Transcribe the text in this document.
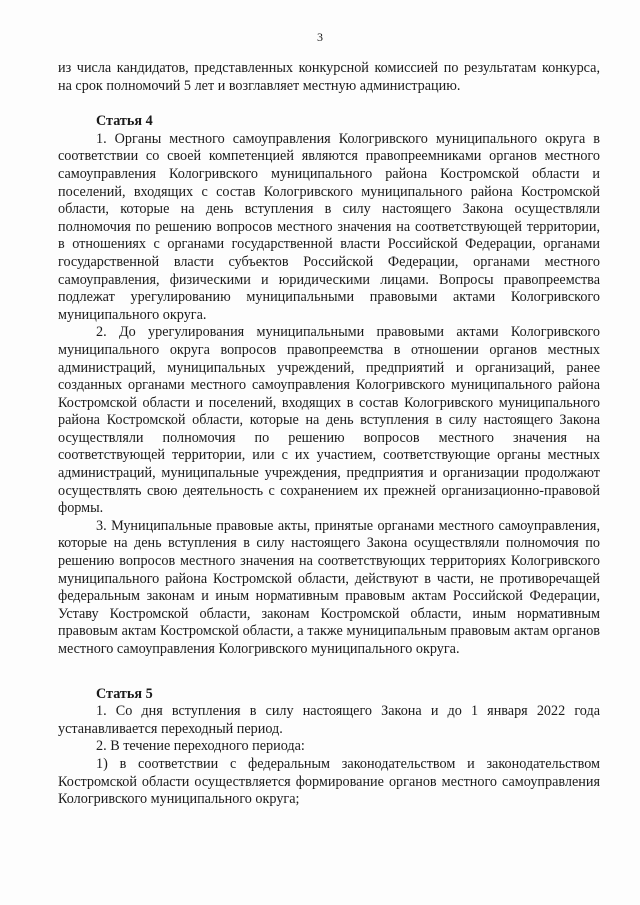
3

из числа кандидатов, представленных конкурсной комиссией по результатам конкурса, на срок полномочий 5 лет и возглавляет местную администрацию.

Статья 4

1. Органы местного самоуправления Кологривского муниципального округа в соответствии со своей компетенцией являются правопреемниками органов местного самоуправления Кологривского муниципального района Костромской области и поселений, входящих с состав Кологривского муниципального района Костромской области, которые на день вступления в силу настоящего Закона осуществляли полномочия по решению вопросов местного значения на соответствующей территории, в отношениях с органами государственной власти Российской Федерации, органами государственной власти субъектов Российской Федерации, органами местного самоуправления, физическими и юридическими лицами. Вопросы правопреемства подлежат урегулированию муниципальными правовыми актами Кологривского муниципального округа.

2. До урегулирования муниципальными правовыми актами Кологривского муниципального округа вопросов правопреемства в отношении органов местных администраций, муниципальных учреждений, предприятий и организаций, ранее созданных органами местного самоуправления Кологривского муниципального района Костромской области и поселений, входящих в состав Кологривского муниципального района Костромской области, которые на день вступления в силу настоящего Закона осуществляли полномочия по решению вопросов местного значения на соответствующей территории, или с их участием, соответствующие органы местных администраций, муниципальные учреждения, предприятия и организации продолжают осуществлять свою деятельность с сохранением их прежней организационно-правовой формы.

3. Муниципальные правовые акты, принятые органами местного самоуправления, которые на день вступления в силу настоящего Закона осуществляли полномочия по решению вопросов местного значения на соответствующих территориях Кологривского муниципального района Костромской области, действуют в части, не противоречащей федеральным законам и иным нормативным правовым актам Российской Федерации, Уставу Костромской области, законам Костромской области, иным нормативным правовым актам Костромской области, а также муниципальным правовым актам органов местного самоуправления Кологривского муниципального округа.

Статья 5

1. Со дня вступления в силу настоящего Закона и до 1 января 2022 года устанавливается переходный период.

2. В течение переходного периода:

1) в соответствии с федеральным законодательством и законодательством Костромской области осуществляется формирование органов местного самоуправления Кологривского муниципального округа;
